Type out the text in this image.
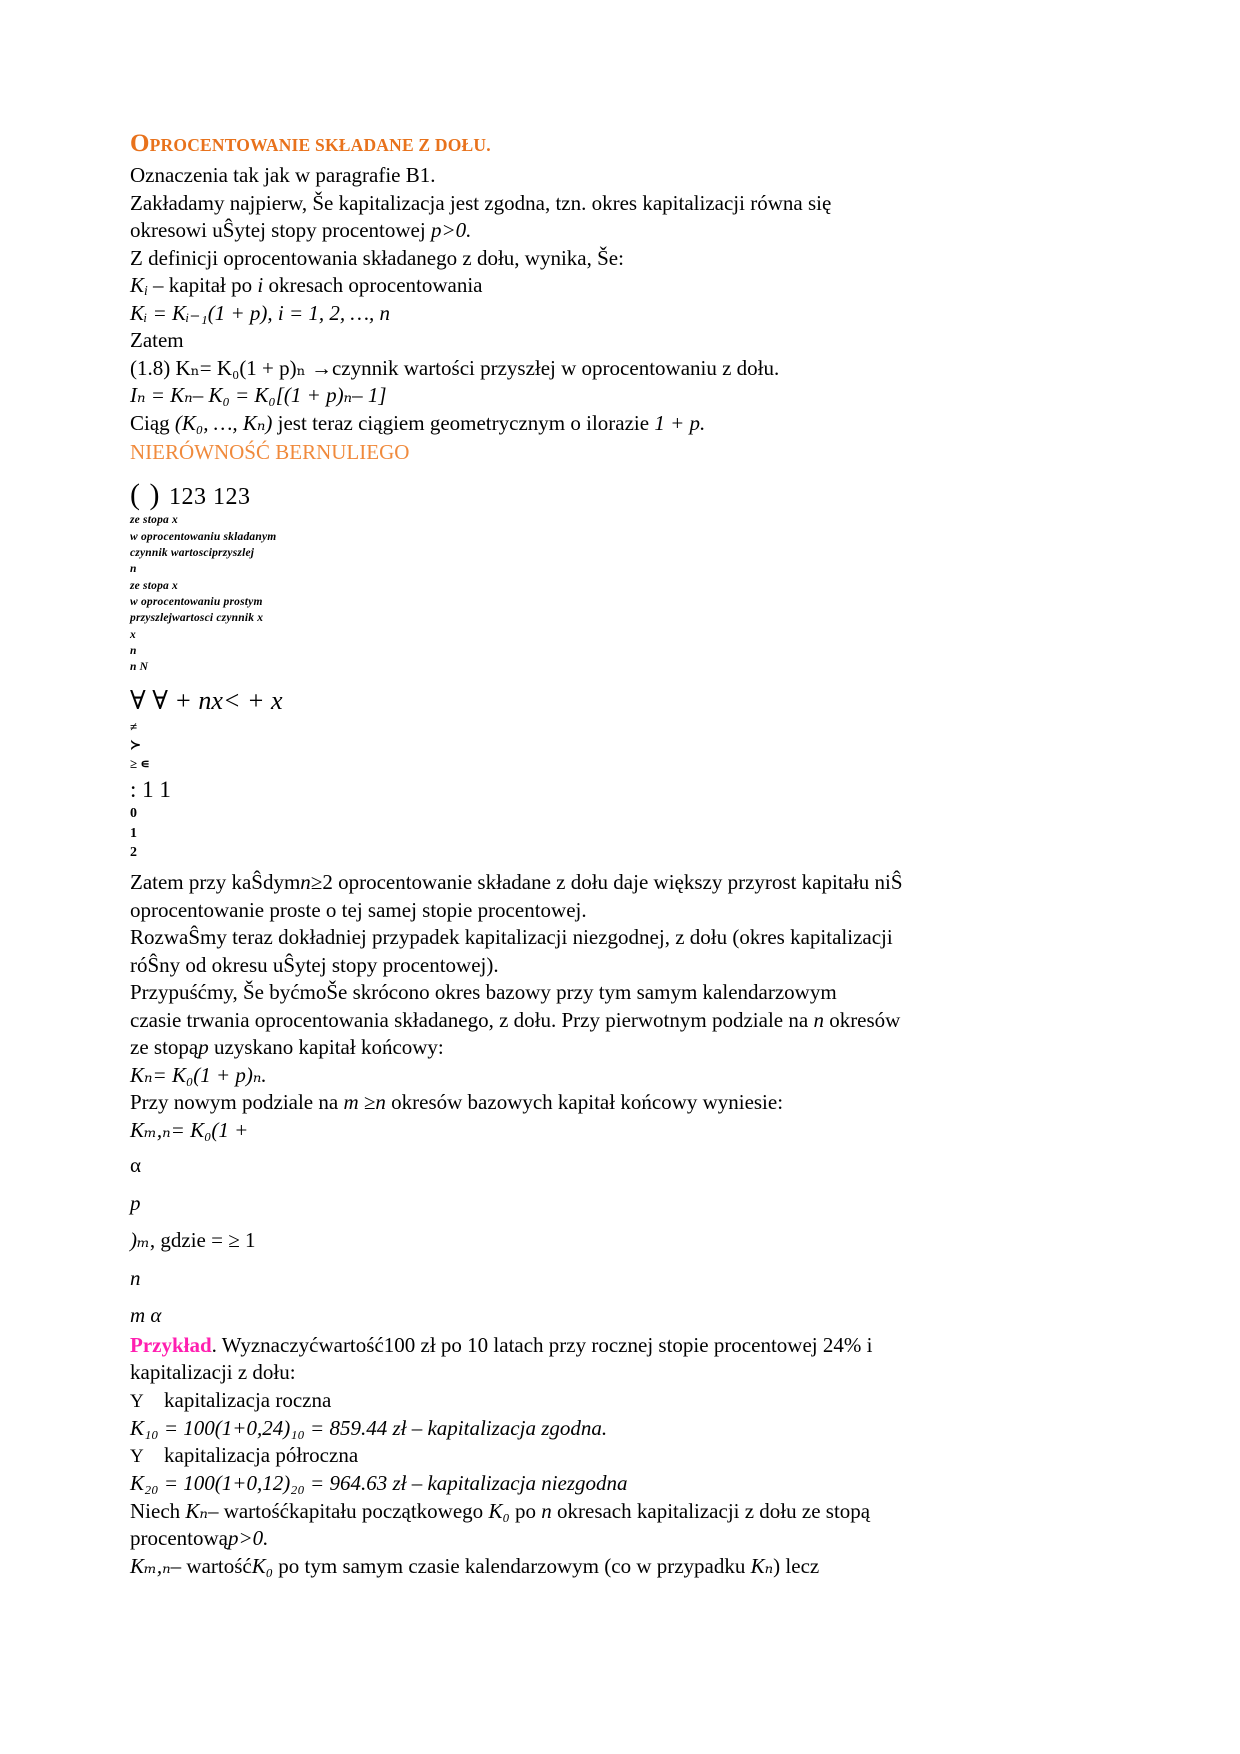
OPROCENTOWANIE SKŁADANE Z DOŁU.

Oznaczenia tak jak w paragrafie B1.

Zakładamy najpierw, Še kapitalizacja jest zgodna, tzn. okres kapitalizacji równa się

okresowi uŜytej stopy procentowej p>0.

Z definicji oprocentowania składanego z dołu, wynika, Še:

Ki – kapitał po i okresach oprocentowania

Kᵢ = Kᵢ₋₁(1 + p), i = 1, 2, …, n

Zatem

(1.8) Kₙ= K₀(1 + p)ₙ →czynnik wartości przyszłej w oprocentowaniu z dołu.

Iₙ = Kₙ– K₀ = K₀[(1 + p)ₙ– 1]

Ciąg (K₀, …, Kₙ) jest teraz ciągiem geometrycznym o ilorazie 1 + p.

NIERÓWNOŚĆ BERNULIEGO
( ) 123 123

ze stopa x

w oprocentowaniu skladanym

czynnik wartosciprzyszlej

n

ze stopa x

w oprocentowaniu prostym

przyszlejwartosci czynnik x

x

n

n N

∀ ∀ + nx< + x

≠

≻

≥ ∊

: 1 1

0

1

2

Zatem przy kaŜdymn≥2 oprocentowanie składane z dołu daje większy przyrost kapitału niŜ

oprocentowanie proste o tej samej stopie procentowej.

RozwaŜmy teraz dokładniej przypadek kapitalizacji niezgodnej, z dołu (okres kapitalizacji

róŜny od okresu uŜytej stopy procentowej).

Przypuśćmy, Še byćmoŠe skrócono okres bazowy przy tym samym kalendarzowym

czasie trwania oprocentowania składanego, z dołu. Przy pierwotnym podziale na n okresów

ze stopąp uzyskano kapitał końcowy:

Kₙ= K₀(1 + p)ₙ.

Przy nowym podziale na m ≥n okresów bazowych kapitał końcowy wyniesie:

Kₘ,ₙ= K₀(1 +

α

p

)ₘ, gdzie = ≥ 1

n

m α

Przykład. Wyznaczyćwartość100 zł po 10 latach przy rocznej stopie procentowej 24% i

kapitalizacji z dołu:

Υ kapitalizacja roczna

K₁₀ = 100(1+0,24)₁₀ = 859.44 zł – kapitalizacja zgodna.

Υ kapitalizacja półroczna

K₂₀ = 100(1+0,12)₂₀ = 964.63 zł – kapitalizacja niezgodna

Niech Kₙ– wartośćkapitału początkowego K₀ po n okresach kapitalizacji z dołu ze stopą

procentowąp>0.

Kₘ,ₙ– wartośćK₀ po tym samym czasie kalendarzowym (co w przypadku Kₙ) lecz
